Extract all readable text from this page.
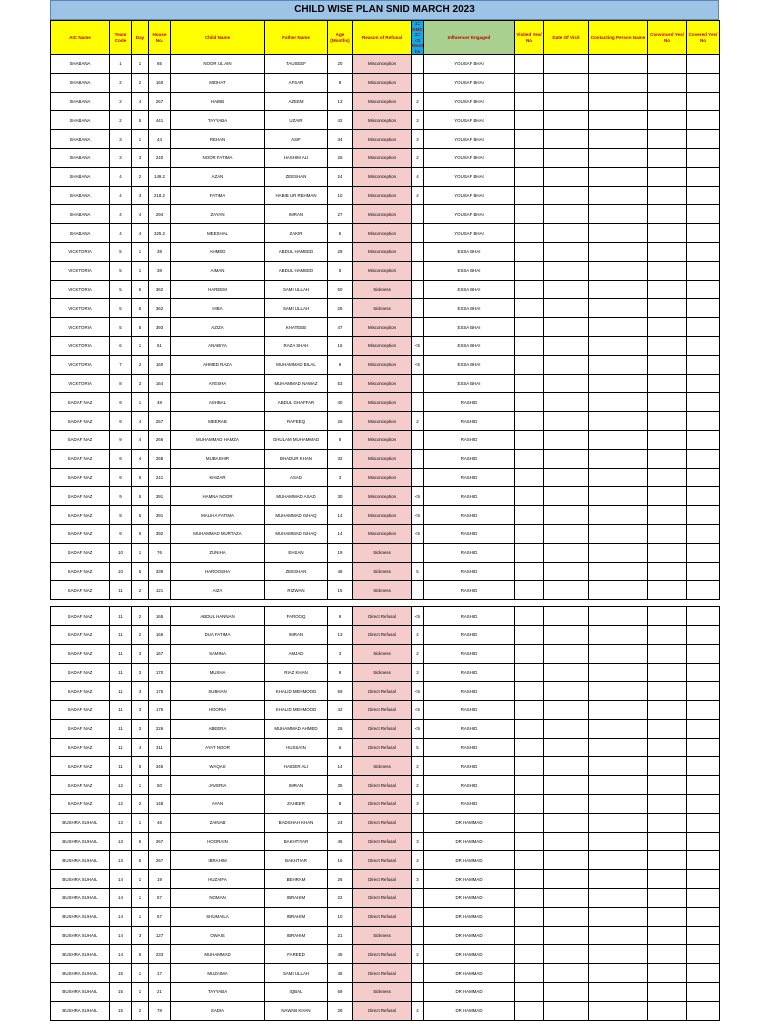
CHILD WISE PLAN SNID MARCH 2023
AIC Name	Team Code	Day	House No.	Child Name	Father Name	Age (Months)	Reason of Refusal	1= DMC 2= <3 Mont hs	Influencer Engaged	Visited Yes/ No	Date Of Visit	Contacting Person Name	Convinced Yes/ No	Covered Yes/ No
SHABANA	1	1	65	NOOR UL AIN	TAUSEEF	20	Misconception		YOUSAF BHAI					
SHABANA	2	2	160	MIDHAT	AFSAR	8	Misconception		YOUSAF BHAI					
SHABANA	2	4	267	HABIB	AZEEM	13	Misconception	2	YOUSAF BHAI					
SHABANA	2	5	441	TAYYABA	UZAIR	42	Misconception	3	YOUSAF BHAI					
SHABANA	3	1	44	REHAN	ASIF	34	Misconception	3	YOUSAF BHAI					
SHABANA	3	3	240	NOOR FATIMA	HASHIM ALI	26	Misconception	2	YOUSAF BHAI					
SHABANA	4	2	149.2	AZAN	ZEESHAN	24	Misconception	4	YOUSAF BHAI					
SHABANA	4	3	218.2	FATIMA	HABIB UR REHMAN	10	Misconception	4	YOUSAF BHAI					
SHABANA	4	4	294	ZAYAN	IMRAN	27	Misconception		YOUSAF BHAI					
SHABANA	4	4	325.2	MEESHAL	ZAKIR	5	Misconception		YOUSAF BHAI					
VICKTORIA	5	1	38	AHMED	ABDUL HAMEED	28	Misconception		ESSA BHAI					
VICKTORIA	5	1	38	AIMAN	ABDUL HAMEED	5	Misconception		ESSA BHAI					
VICKTORIA	5	5	362	HAREEM	SAMI ULLAH	50	Sickness		ESSA BHAI					
VICKTORIA	5	5	362	HIBA	SAMI ULLAH	28	Sickness		ESSA BHAI					
VICKTORIA	5	5	393	AZIZA	KHATEEB	47	Misconception		ESSA BHAI					
VICKTORIA	6	1	51	ANABIYA	RAZA SHAH	16	Misconception	<5	ESSA BHAI					
VICKTORIA	7	2	160	AHMED RAZA	MUHAMMAD BILAL	9	Misconception	<5	ESSA BHAI					
VICKTORIA	8	2	164	AYESHA	MUHAMMAD NAWAZ	53	Misconception		ESSA BHAI					
SADAF NAZ	9	1	48	ASHBAL	ABDUL GHAFFAR	40	Misconception		RASHID					
SADAF NAZ	9	4	257	MEERAB	RAFEEQ	26	Misconception	2	RASHID					
SADAF NAZ	9	4	266	MUHAMMAD HAMZA	GHULAM MUHAMMAD	6	Misconception		RASHID					
SADAF NAZ	9	4	268	MUBASHIR	BHADUR KHAN	32	Misconception		RASHID					
SADAF NAZ	9	5	241	KHIZAR	ASAD	3	Misconception		RASHID					
SADAF NAZ	9	5	391	HAMNA NOOR	MUHAMMAD ASAD	30	Misconception	<5	RASHID					
SADAF NAZ	9	5	391	MALIHA FATIMA	MUHAMMAD ISHAQ	14	Misconception	<5	RASHID					
SADAF NAZ	9	5	392	MUHAMMAD MURTAZA	MUHAMMAD ISHAQ	14	Misconception	<5	RASHID					
SADAF NAZ	10	1	76	ZUNIHA	EHSAN	19	Sickness		RASHID					
SADAF NAZ	10	5	339	HAROOSHA	ZEESHAN	48	Sickness	5	RASHID					
SADAF NAZ	11	2	121	AIZA	RIZWAN	15	Sickness		RASHID					

SADAF NAZ	11	2	165	ABDUL HANNAN	FAROOQ	9	Direct Refusal	<5	RASHID					
SADAF NAZ	11	2	166	DUA FATIMA	IMRAN	13	Direct Refusal	4	RASHID					
SADAF NAZ	11	3	167	SAMINA	AMJAD	3	Sickness	2	RASHID					
SADAF NAZ	11	3	170	MUSHA	RIAZ KHAN	9	Sickness	3	RASHID					
SADAF NAZ	11	3	175	SUBHAN	KHALID MEHMOOD	59	Direct Refusal	<5	RASHID					
SADAF NAZ	11	3	175	HOORIA	KHALID MEHMOOD	42	Direct Refusal	<5	RASHID					
SADAF NAZ	11	3	226	ABEERA	MUHAMMAD AHMED	26	Direct Refusal	<5	RASHID					
SADAF NAZ	11	4	311	AYAT NOOR	HUSSAIN	6	Direct Refusal	5	RASHID					
SADAF NAZ	11	5	345	WAQAS	HAIDER ALI	14	Sickness	2	RASHID					
SADAF NAZ	12	1	50	JAVERIA	IMRAN	35	Direct Refusal	2	RASHID					
SADAF NAZ	12	2	148	AYAN	ZAHEER	8	Direct Refusal	3	RASHID					
BUSHRA SUHAIL	13	1	46	ZAINAB	BADSHAH KHAN	24	Direct Refusal		DR HAMMAD					
BUSHRA SUHAIL	13	5	267	HOORAIN	BAKHTIYAR	45	Direct Refusal	3	DR HAMMAD					
BUSHRA SUHAIL	13	5	267	IBRAHIM	BAKHTIAR	16	Direct Refusal	2	DR HAMMAD					
BUSHRA SUHAIL	14	1	19	HUZAIFA	BEHRAM	26	Direct Refusal	3	DR HAMMAD					
BUSHRA SUHAIL	14	1	57	NOMAN	IBRAHIM	22	Direct Refusal		DR HAMMAD					
BUSHRA SUHAIL	14	1	57	SHUMAILA	IBRAHIM	10	Direct Refusal		DR HAMMAD					
BUSHRA SUHAIL	14	3	127	OWAIS	IBRAHIM	21	Sickness		DR HAMMAD					
BUSHRA SUHAIL	14	5	233	MUHAMMAD	FAREED	45	Direct Refusal	2	DR HAMMAD					
BUSHRA SUHAIL	15	1	17	MUZAIMA	SAMI ULLAH	45	Direct Refusal		DR HAMMAD					
BUSHRA SUHAIL	15	1	21	TAYYABA	IQBAL	59	Sickness		DR HAMMAD					
BUSHRA SUHAIL	15	2	78	SADIA	NAWAB KHAN	28	Direct Refusal	4	DR HAMMAD					
